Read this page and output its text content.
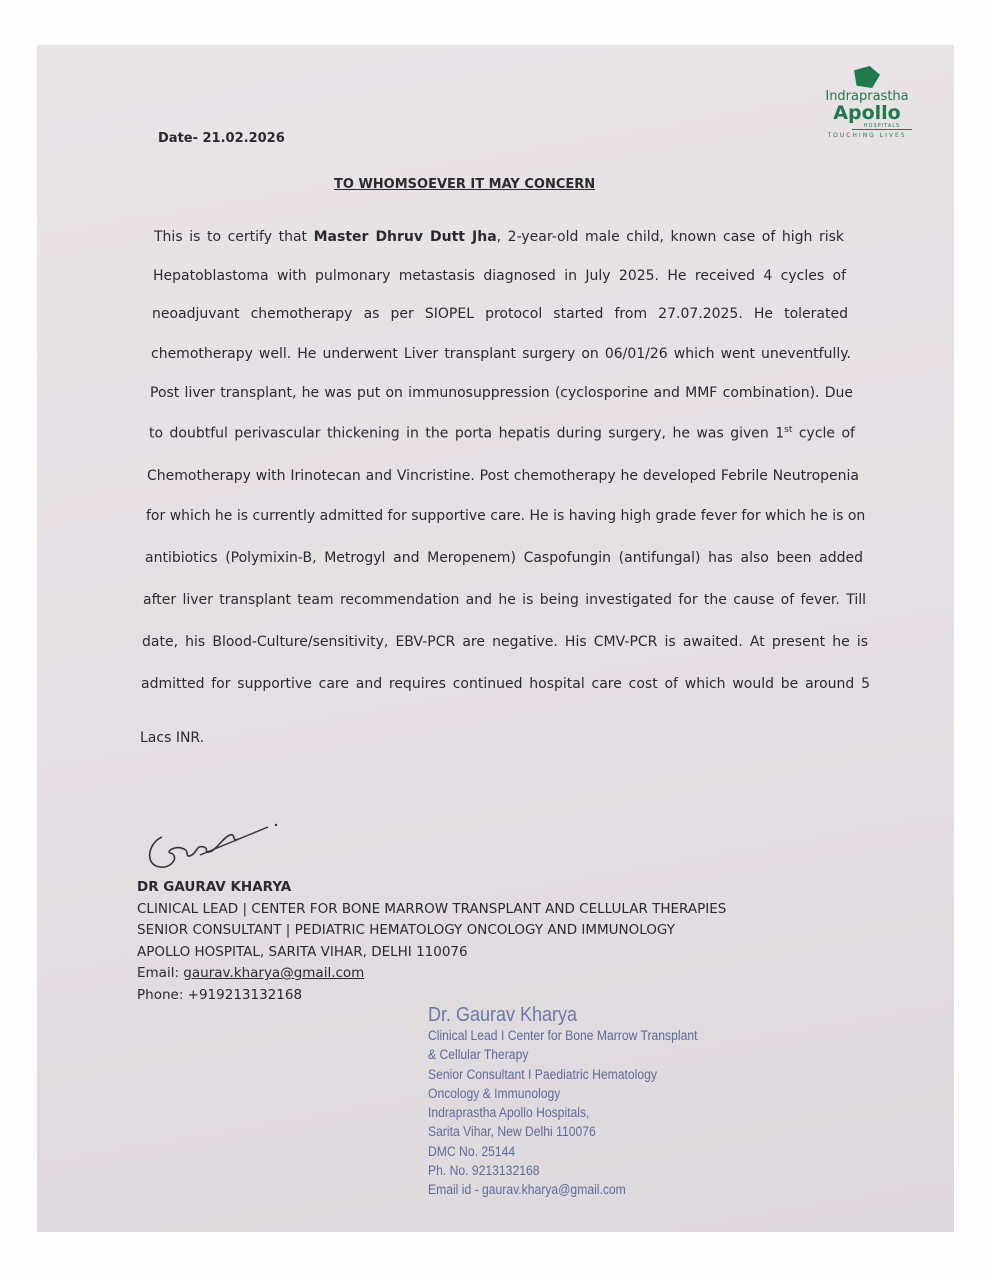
Indraprastha
Apollo
HOSPITALS
TOUCHING LIVES
Date- 21.02.2026
TO WHOMSOEVER IT MAY CONCERN
This is to certify that Master Dhruv Dutt Jha, 2-year-old male child, known case of high risk
Hepatoblastoma with pulmonary metastasis diagnosed in July 2025. He received 4 cycles of
neoadjuvant chemotherapy as per SIOPEL protocol started from 27.07.2025. He tolerated
chemotherapy well. He underwent Liver transplant surgery on 06/01/26 which went uneventfully.
Post liver transplant, he was put on immunosuppression (cyclosporine and MMF combination). Due
to doubtful perivascular thickening in the porta hepatis during surgery, he was given 1st cycle of
Chemotherapy with Irinotecan and Vincristine. Post chemotherapy he developed Febrile Neutropenia
for which he is currently admitted for supportive care. He is having high grade fever for which he is on
antibiotics (Polymixin-B, Metrogyl and Meropenem) Caspofungin (antifungal) has also been added
after liver transplant team recommendation and he is being investigated for the cause of fever. Till
date, his Blood-Culture/sensitivity, EBV-PCR are negative. His CMV-PCR is awaited. At present he is
admitted for supportive care and requires continued hospital care cost of which would be around 5
Lacs INR.
DR GAURAV KHARYA
CLINICAL LEAD | CENTER FOR BONE MARROW TRANSPLANT AND CELLULAR THERAPIES
SENIOR CONSULTANT | PEDIATRIC HEMATOLOGY ONCOLOGY AND IMMUNOLOGY
APOLLO HOSPITAL, SARITA VIHAR, DELHI 110076
Email: gaurav.kharya@gmail.com
Phone: +919213132168
Dr. Gaurav Kharya
Clinical Lead I Center for Bone Marrow Transplant
& Cellular Therapy
Senior Consultant I Paediatric Hematology
Oncology & Immunology
Indraprastha Apollo Hospitals,
Sarita Vihar, New Delhi 110076
DMC No. 25144
Ph. No. 9213132168
Email id - gaurav.kharya@gmail.com
